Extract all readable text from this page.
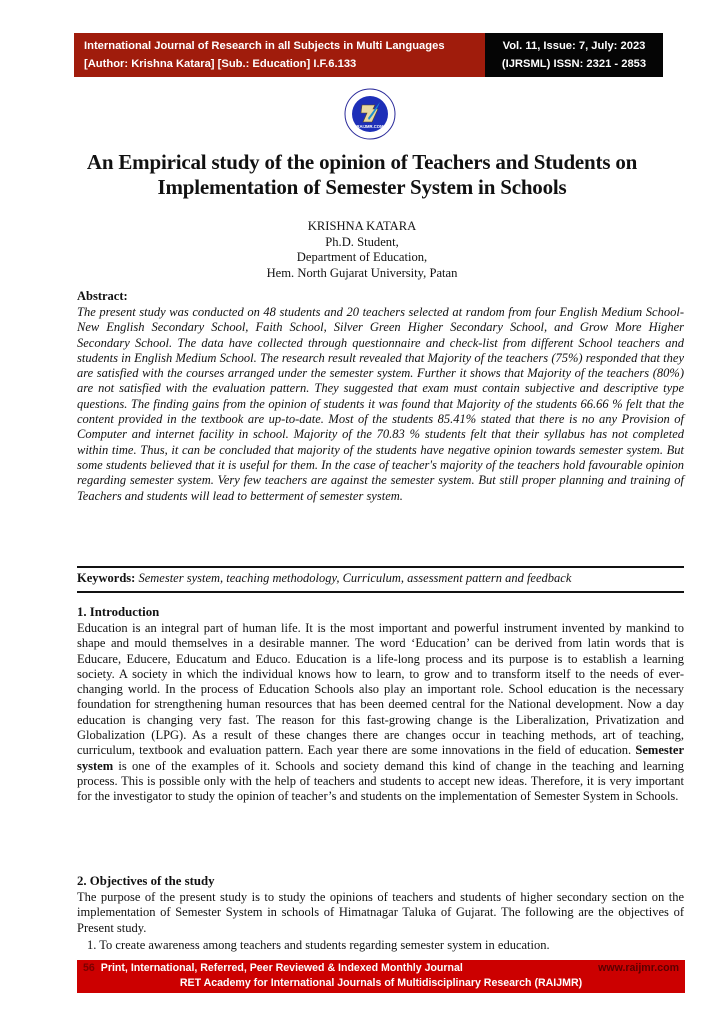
International Journal of Research in all Subjects in Multi Languages
[Author: Krishna Katara] [Sub.: Education] I.F.6.133
Vol. 11, Issue: 7, July: 2023
(IJRSML) ISSN: 2321 - 2853
RAIJMR.COM
An Empirical study of the opinion of Teachers and Students on
Implementation of Semester System in Schools
KRISHNA KATARA
Ph.D. Student,
Department of Education,
Hem. North Gujarat University, Patan
Abstract:
The present study was conducted on 48 students and 20 teachers selected at random from four English Medium School- New English Secondary School, Faith School, Silver Green Higher Secondary School, and Grow More Higher Secondary School. The data have collected through questionnaire and check-list from different School teachers and students in English Medium School. The research result revealed that Majority of the teachers (75%) responded that they are satisfied with the courses arranged under the semester system. Further it shows that Majority of the teachers (80%) are not satisfied with the evaluation pattern. They suggested that exam must contain subjective and descriptive type questions. The finding gains from the opinion of students it was found that Majority of the students 66.66 % felt that the content provided in the textbook are up-to-date. Most of the students 85.41% stated that there is no any Provision of Computer and internet facility in school. Majority of the 70.83 % students felt that their syllabus has not completed within time. Thus, it can be concluded that majority of the students have negative opinion towards semester system. But some students believed that it is useful for them. In the case of teacher's majority of the teachers hold favourable opinion regarding semester system. Very few teachers are against the semester system. But still proper planning and training of Teachers and students will lead to betterment of semester system.
Keywords: Semester system, teaching methodology, Curriculum, assessment pattern and feedback
1. Introduction
Education is an integral part of human life. It is the most important and powerful instrument invented by mankind to shape and mould themselves in a desirable manner. The word ‘Education’ can be derived from latin words that is Educare, Educere, Educatum and Educo. Education is a life-long process and its purpose is to establish a learning society. A society in which the individual knows how to learn, to grow and to transform itself to the needs of ever-changing world. In the process of Education Schools also play an important role. School education is the necessary foundation for strengthening human resources that has been deemed central for the National development. Now a day education is changing very fast. The reason for this fast-growing change is the Liberalization, Privatization and Globalization (LPG). As a result of these changes there are changes occur in teaching methods, art of teaching, curriculum, textbook and evaluation pattern. Each year there are some innovations in the field of education. Semester system is one of the examples of it. Schools and society demand this kind of change in the teaching and learning process. This is possible only with the help of teachers and students to accept new ideas. Therefore, it is very important for the investigator to study the opinion of teacher’s and students on the implementation of Semester System in Schools.
2. Objectives of the study
The purpose of the present study is to study the opinions of teachers and students of higher secondary section on the implementation of Semester System in schools of Himatnagar Taluka of Gujarat. The following are the objectives of Present study.
1. To create awareness among teachers and students regarding semester system in education.
56 Print, International, Referred, Peer Reviewed & Indexed Monthly Journal	www.raijmr.com
RET Academy for International Journals of Multidisciplinary Research (RAIJMR)
